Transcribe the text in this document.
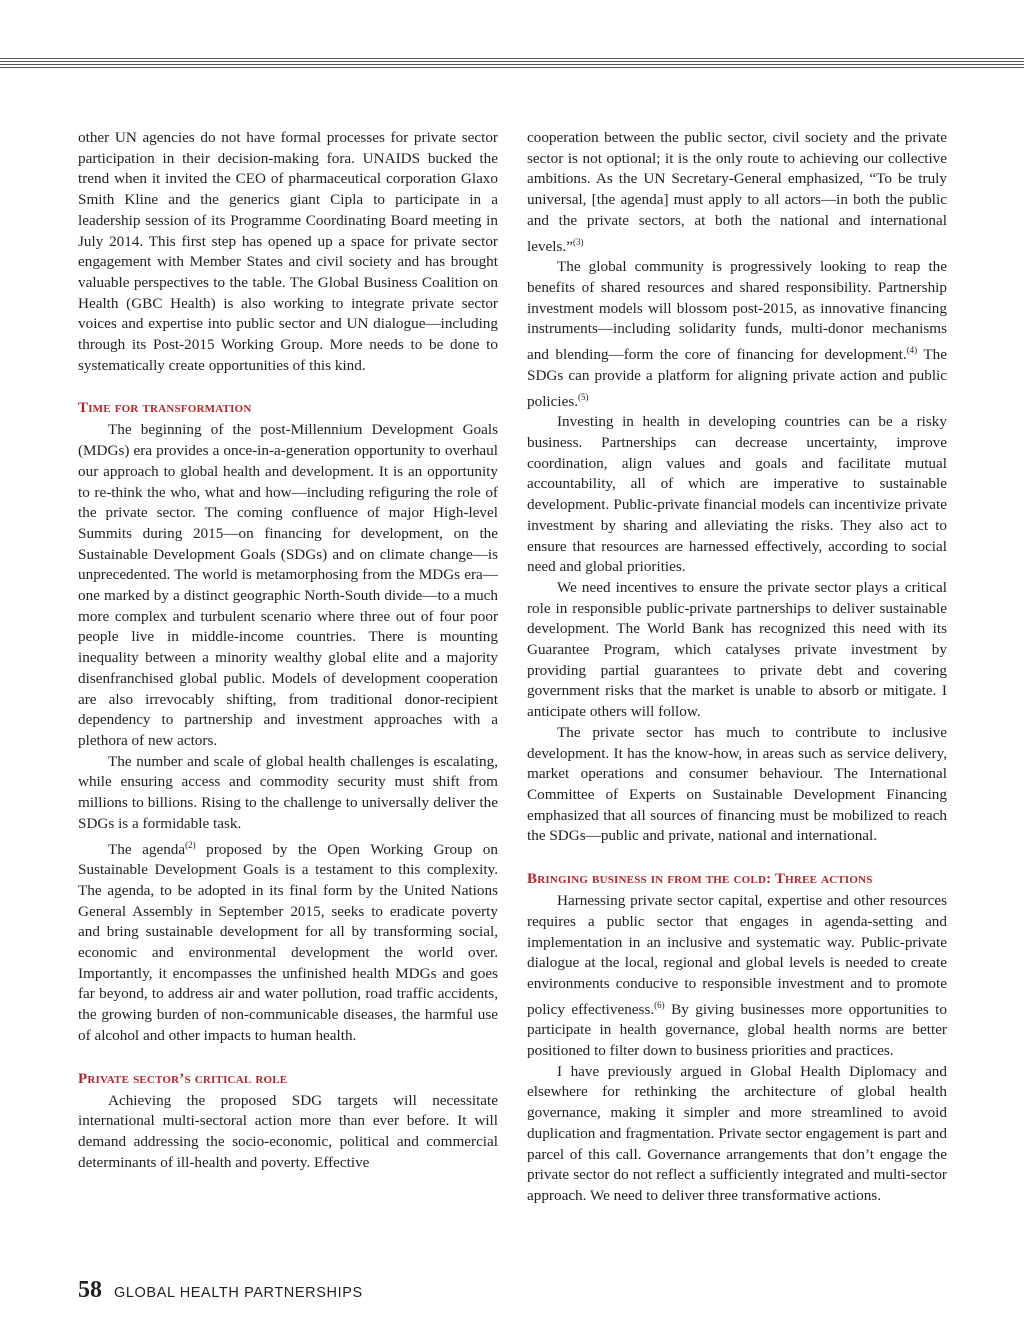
other UN agencies do not have formal processes for private sector participation in their decision-making fora. UNAIDS bucked the trend when it invited the CEO of pharmaceutical corporation Glaxo Smith Kline and the generics giant Cipla to participate in a leadership session of its Programme Coordinating Board meeting in July 2014. This first step has opened up a space for private sector engagement with Member States and civil society and has brought valuable perspectives to the table. The Global Business Coalition on Health (GBC Health) is also working to integrate private sector voices and expertise into public sector and UN dialogue—including through its Post-2015 Working Group. More needs to be done to systematically create opportunities of this kind.

Time for transformation

The beginning of the post-Millennium Development Goals (MDGs) era provides a once-in-a-generation opportunity to overhaul our approach to global health and development. It is an opportunity to re-think the who, what and how—including refiguring the role of the private sector. The coming confluence of major High-level Summits during 2015—on financing for development, on the Sustainable Development Goals (SDGs) and on climate change—is unprecedented. The world is metamorphosing from the MDGs era—one marked by a distinct geographic North-South divide—to a much more complex and turbulent scenario where three out of four poor people live in middle-income countries. There is mounting inequality between a minority wealthy global elite and a majority disenfranchised global public. Models of development cooperation are also irrevocably shifting, from traditional donor-recipient dependency to partnership and investment approaches with a plethora of new actors.

The number and scale of global health challenges is escalating, while ensuring access and commodity security must shift from millions to billions. Rising to the challenge to universally deliver the SDGs is a formidable task.

The agenda$^{(2)}$ proposed by the Open Working Group on Sustainable Development Goals is a testament to this complexity. The agenda, to be adopted in its final form by the United Nations General Assembly in September 2015, seeks to eradicate poverty and bring sustainable development for all by transforming social, economic and environmental development the world over. Importantly, it encompasses the unfinished health MDGs and goes far beyond, to address air and water pollution, road traffic accidents, the growing burden of non-communicable diseases, the harmful use of alcohol and other impacts to human health.

Private sector’s critical role

Achieving the proposed SDG targets will necessitate international multi-sectoral action more than ever before. It will demand addressing the socio-economic, political and commercial determinants of ill-health and poverty. Effective

cooperation between the public sector, civil society and the private sector is not optional; it is the only route to achieving our collective ambitions. As the UN Secretary-General emphasized, “To be truly universal, [the agenda] must apply to all actors—in both the public and the private sectors, at both the national and international levels.”$^{(3)}$

The global community is progressively looking to reap the benefits of shared resources and shared responsibility. Partnership investment models will blossom post-2015, as innovative financing instruments—including solidarity funds, multi-donor mechanisms and blending—form the core of financing for development.$^{(4)}$ The SDGs can provide a platform for aligning private action and public policies.$^{(5)}$

Investing in health in developing countries can be a risky business. Partnerships can decrease uncertainty, improve coordination, align values and goals and facilitate mutual accountability, all of which are imperative to sustainable development. Public-private financial models can incentivize private investment by sharing and alleviating the risks. They also act to ensure that resources are harnessed effectively, according to social need and global priorities.

We need incentives to ensure the private sector plays a critical role in responsible public-private partnerships to deliver sustainable development. The World Bank has recognized this need with its Guarantee Program, which catalyses private investment by providing partial guarantees to private debt and covering government risks that the market is unable to absorb or mitigate. I anticipate others will follow.

The private sector has much to contribute to inclusive development. It has the know-how, in areas such as service delivery, market operations and consumer behaviour. The International Committee of Experts on Sustainable Development Financing emphasized that all sources of financing must be mobilized to reach the SDGs—public and private, national and international.

Bringing business in from the cold: Three actions

Harnessing private sector capital, expertise and other resources requires a public sector that engages in agenda-setting and implementation in an inclusive and systematic way. Public-private dialogue at the local, regional and global levels is needed to create environments conducive to responsible investment and to promote policy effectiveness.$^{(6)}$ By giving businesses more opportunities to participate in health governance, global health norms are better positioned to filter down to business priorities and practices.

I have previously argued in Global Health Diplomacy and elsewhere for rethinking the architecture of global health governance, making it simpler and more streamlined to avoid duplication and fragmentation. Private sector engagement is part and parcel of this call. Governance arrangements that don’t engage the private sector do not reflect a sufficiently integrated and multi-sector approach. We need to deliver three transformative actions.

58 GLOBAL HEALTH PARTNERSHIPS
